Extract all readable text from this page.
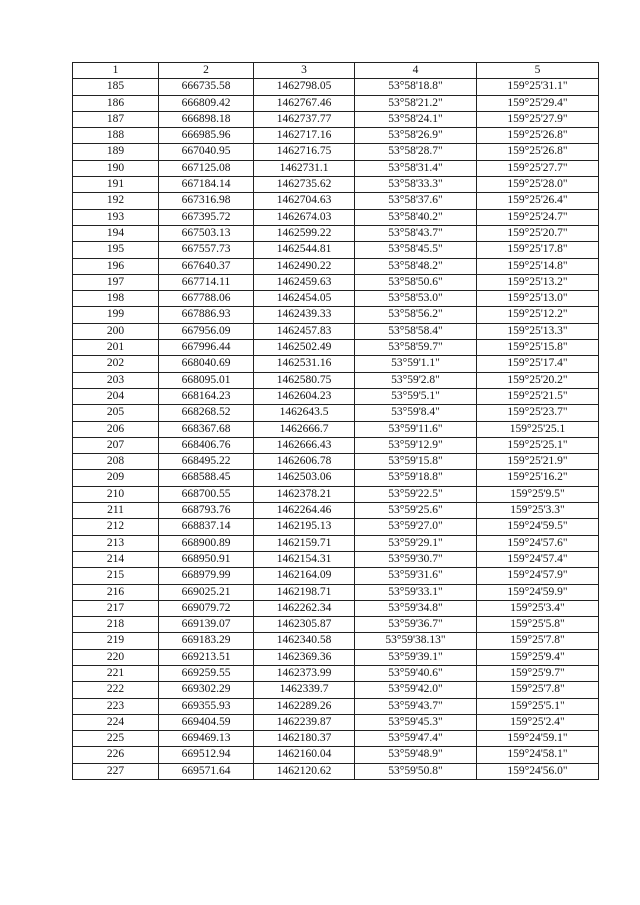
1	2	3	4	5
185	666735.58	1462798.05	53°58'18.8"	159°25'31.1"
186	666809.42	1462767.46	53°58'21.2"	159°25'29.4"
187	666898.18	1462737.77	53°58'24.1"	159°25'27.9"
188	666985.96	1462717.16	53°58'26.9"	159°25'26.8"
189	667040.95	1462716.75	53°58'28.7"	159°25'26.8"
190	667125.08	1462731.1	53°58'31.4"	159°25'27.7"
191	667184.14	1462735.62	53°58'33.3"	159°25'28.0"
192	667316.98	1462704.63	53°58'37.6"	159°25'26.4"
193	667395.72	1462674.03	53°58'40.2"	159°25'24.7"
194	667503.13	1462599.22	53°58'43.7"	159°25'20.7"
195	667557.73	1462544.81	53°58'45.5"	159°25'17.8"
196	667640.37	1462490.22	53°58'48.2"	159°25'14.8"
197	667714.11	1462459.63	53°58'50.6"	159°25'13.2"
198	667788.06	1462454.05	53°58'53.0"	159°25'13.0"
199	667886.93	1462439.33	53°58'56.2"	159°25'12.2"
200	667956.09	1462457.83	53°58'58.4"	159°25'13.3"
201	667996.44	1462502.49	53°58'59.7"	159°25'15.8"
202	668040.69	1462531.16	53°59'1.1"	159°25'17.4"
203	668095.01	1462580.75	53°59'2.8"	159°25'20.2"
204	668164.23	1462604.23	53°59'5.1"	159°25'21.5"
205	668268.52	1462643.5	53°59'8.4"	159°25'23.7"
206	668367.68	1462666.7	53°59'11.6"	159°25'25.1
207	668406.76	1462666.43	53°59'12.9"	159°25'25.1"
208	668495.22	1462606.78	53°59'15.8"	159°25'21.9"
209	668588.45	1462503.06	53°59'18.8"	159°25'16.2"
210	668700.55	1462378.21	53°59'22.5"	159°25'9.5"
211	668793.76	1462264.46	53°59'25.6"	159°25'3.3"
212	668837.14	1462195.13	53°59'27.0"	159°24'59.5"
213	668900.89	1462159.71	53°59'29.1"	159°24'57.6"
214	668950.91	1462154.31	53°59'30.7"	159°24'57.4"
215	668979.99	1462164.09	53°59'31.6"	159°24'57.9"
216	669025.21	1462198.71	53°59'33.1"	159°24'59.9"
217	669079.72	1462262.34	53°59'34.8"	159°25'3.4"
218	669139.07	1462305.87	53°59'36.7"	159°25'5.8"
219	669183.29	1462340.58	53°59'38.13"	159°25'7.8"
220	669213.51	1462369.36	53°59'39.1"	159°25'9.4"
221	669259.55	1462373.99	53°59'40.6"	159°25'9.7"
222	669302.29	1462339.7	53°59'42.0"	159°25'7.8"
223	669355.93	1462289.26	53°59'43.7"	159°25'5.1"
224	669404.59	1462239.87	53°59'45.3"	159°25'2.4"
225	669469.13	1462180.37	53°59'47.4"	159°24'59.1"
226	669512.94	1462160.04	53°59'48.9"	159°24'58.1"
227	669571.64	1462120.62	53°59'50.8"	159°24'56.0"
